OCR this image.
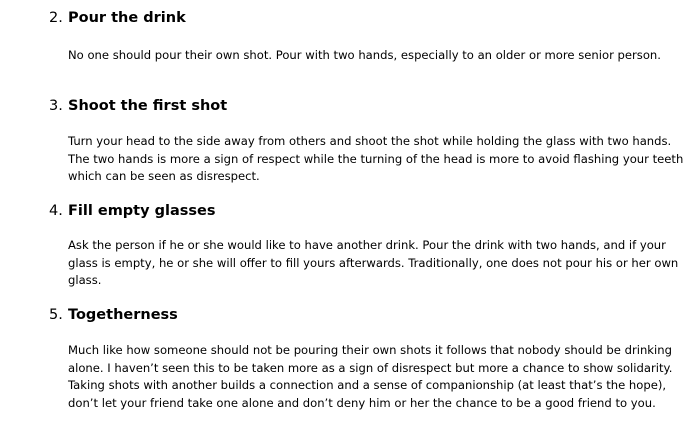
2. Pour the drink

No one should pour their own shot. Pour with two hands, especially to an older or more senior person.

3. Shoot the first shot

Turn your head to the side away from others and shoot the shot while holding the glass with two hands. The two hands is more a sign of respect while the turning of the head is more to avoid flashing your teeth which can be seen as disrespect.

4. Fill empty glasses

Ask the person if he or she would like to have another drink. Pour the drink with two hands, and if your glass is empty, he or she will offer to fill yours afterwards. Traditionally, one does not pour his or her own glass.

5. Togetherness

Much like how someone should not be pouring their own shots it follows that nobody should be drinking alone. I haven’t seen this to be taken more as a sign of disrespect but more a chance to show solidarity. Taking shots with another builds a connection and a sense of companionship (at least that’s the hope), don’t let your friend take one alone and don’t deny him or her the chance to be a good friend to you.
